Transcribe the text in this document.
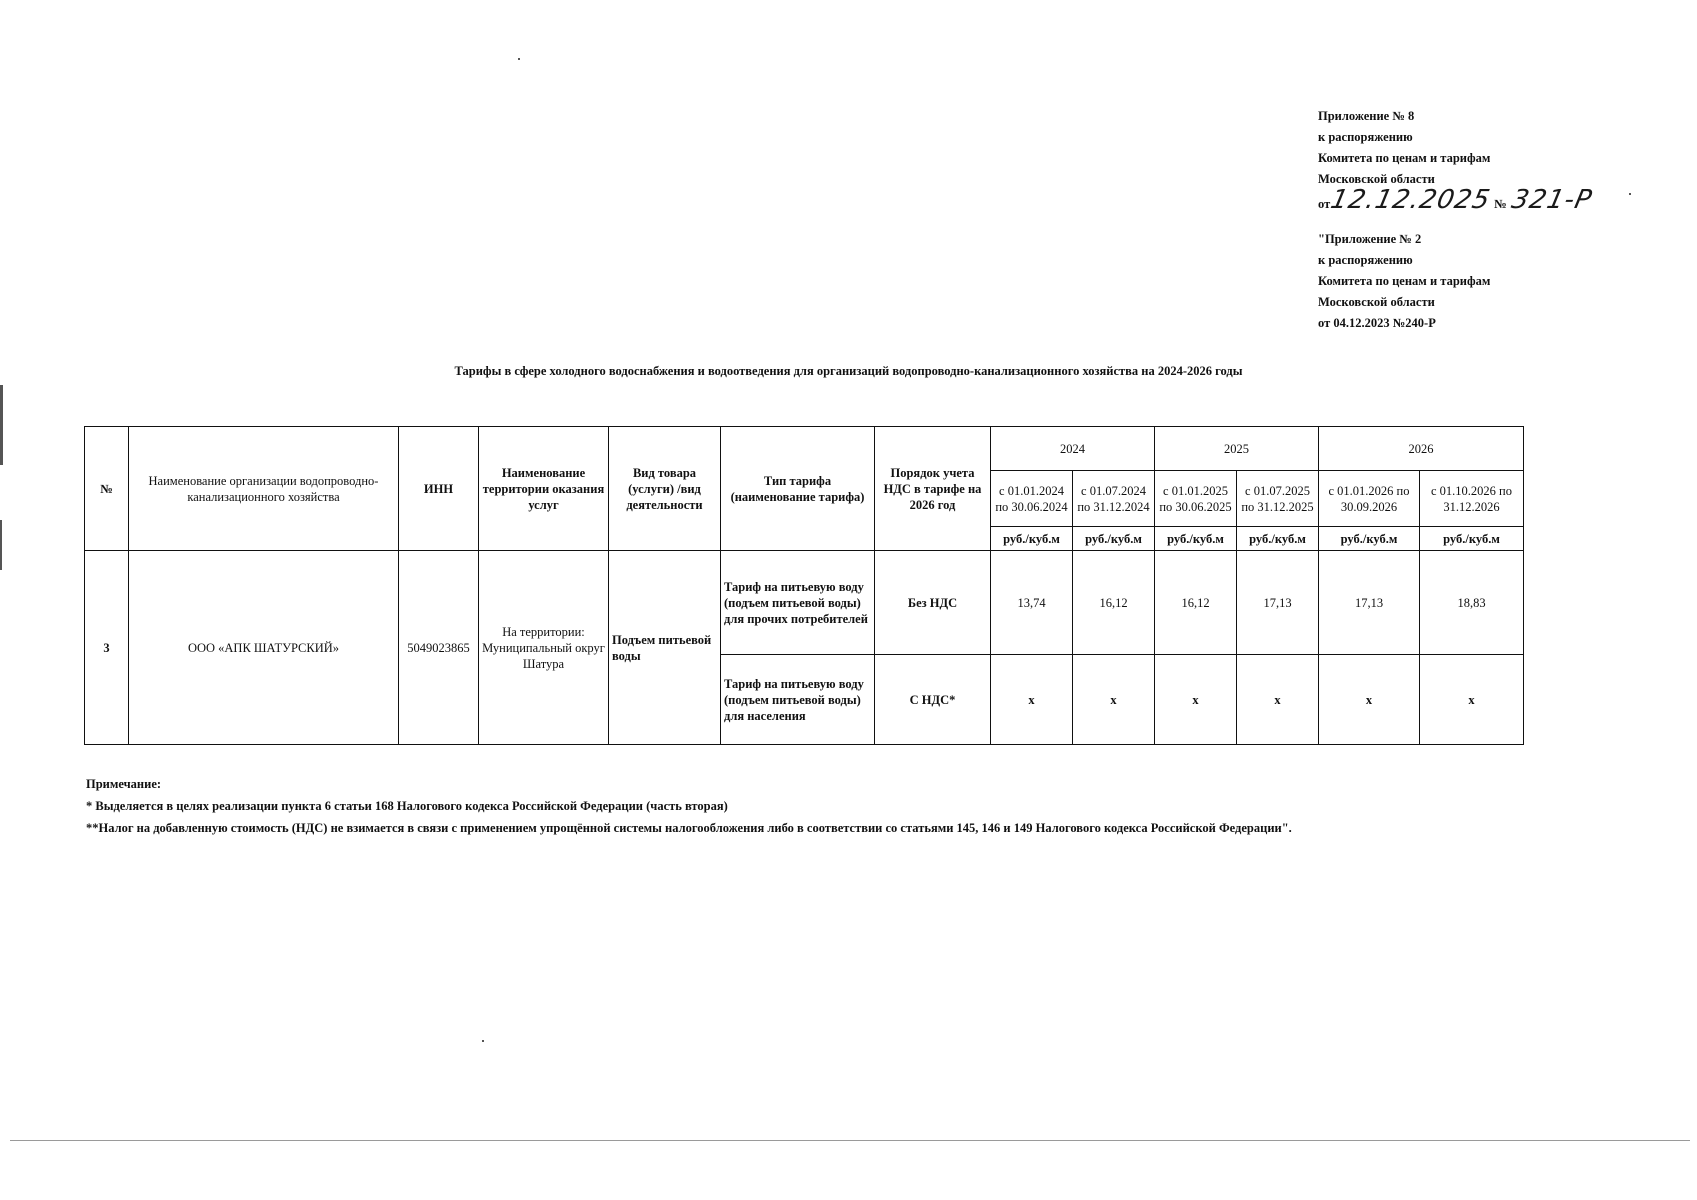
Приложение № 8
к распоряжению
Комитета по ценам и тарифам
Московской области
от
12.12.2025 № 321-Р
"Приложение № 2
к распоряжению
Комитета по ценам и тарифам
Московской области
от 04.12.2023 №240-Р
Тарифы в сфере холодного водоснабжения и водоотведения для организаций водопроводно-канализационного хозяйства на 2024-2026 годы
№	Наименование организации водопроводно-канализационного хозяйства	ИНН	Наименование территории оказания услуг	Вид товара (услуги) /вид деятельности	Тип тарифа (наименование тарифа)	Порядок учета НДС в тарифе на 2026 год	2024		2025		2026	
							с 01.01.2024 по 30.06.2024	с 01.07.2024 по 31.12.2024	с 01.01.2025 по 30.06.2025	с 01.07.2025 по 31.12.2025	с 01.01.2026 по 30.09.2026	с 01.10.2026 по 31.12.2026
							руб./куб.м	руб./куб.м	руб./куб.м	руб./куб.м	руб./куб.м	руб./куб.м
3	ООО «АПК ШАТУРСКИЙ»	5049023865	На территории: Муниципальный округ Шатура	Подъем питьевой воды	Тариф на питьевую воду (подъем питьевой воды) для прочих потребителей	Без НДС	13,74	16,12	16,12	17,13	17,13	18,83
					Тариф на питьевую воду (подъем питьевой воды) для населения	С НДС*	х	х	х	х	х	х
Примечание:
* Выделяется в целях реализации пункта 6 статьи 168 Налогового кодекса Российской Федерации (часть вторая)
**Налог на добавленную стоимость (НДС) не взимается в связи с применением упрощённой системы налогообложения либо в соответствии со статьями 145, 146 и 149 Налогового кодекса Российской Федерации".
